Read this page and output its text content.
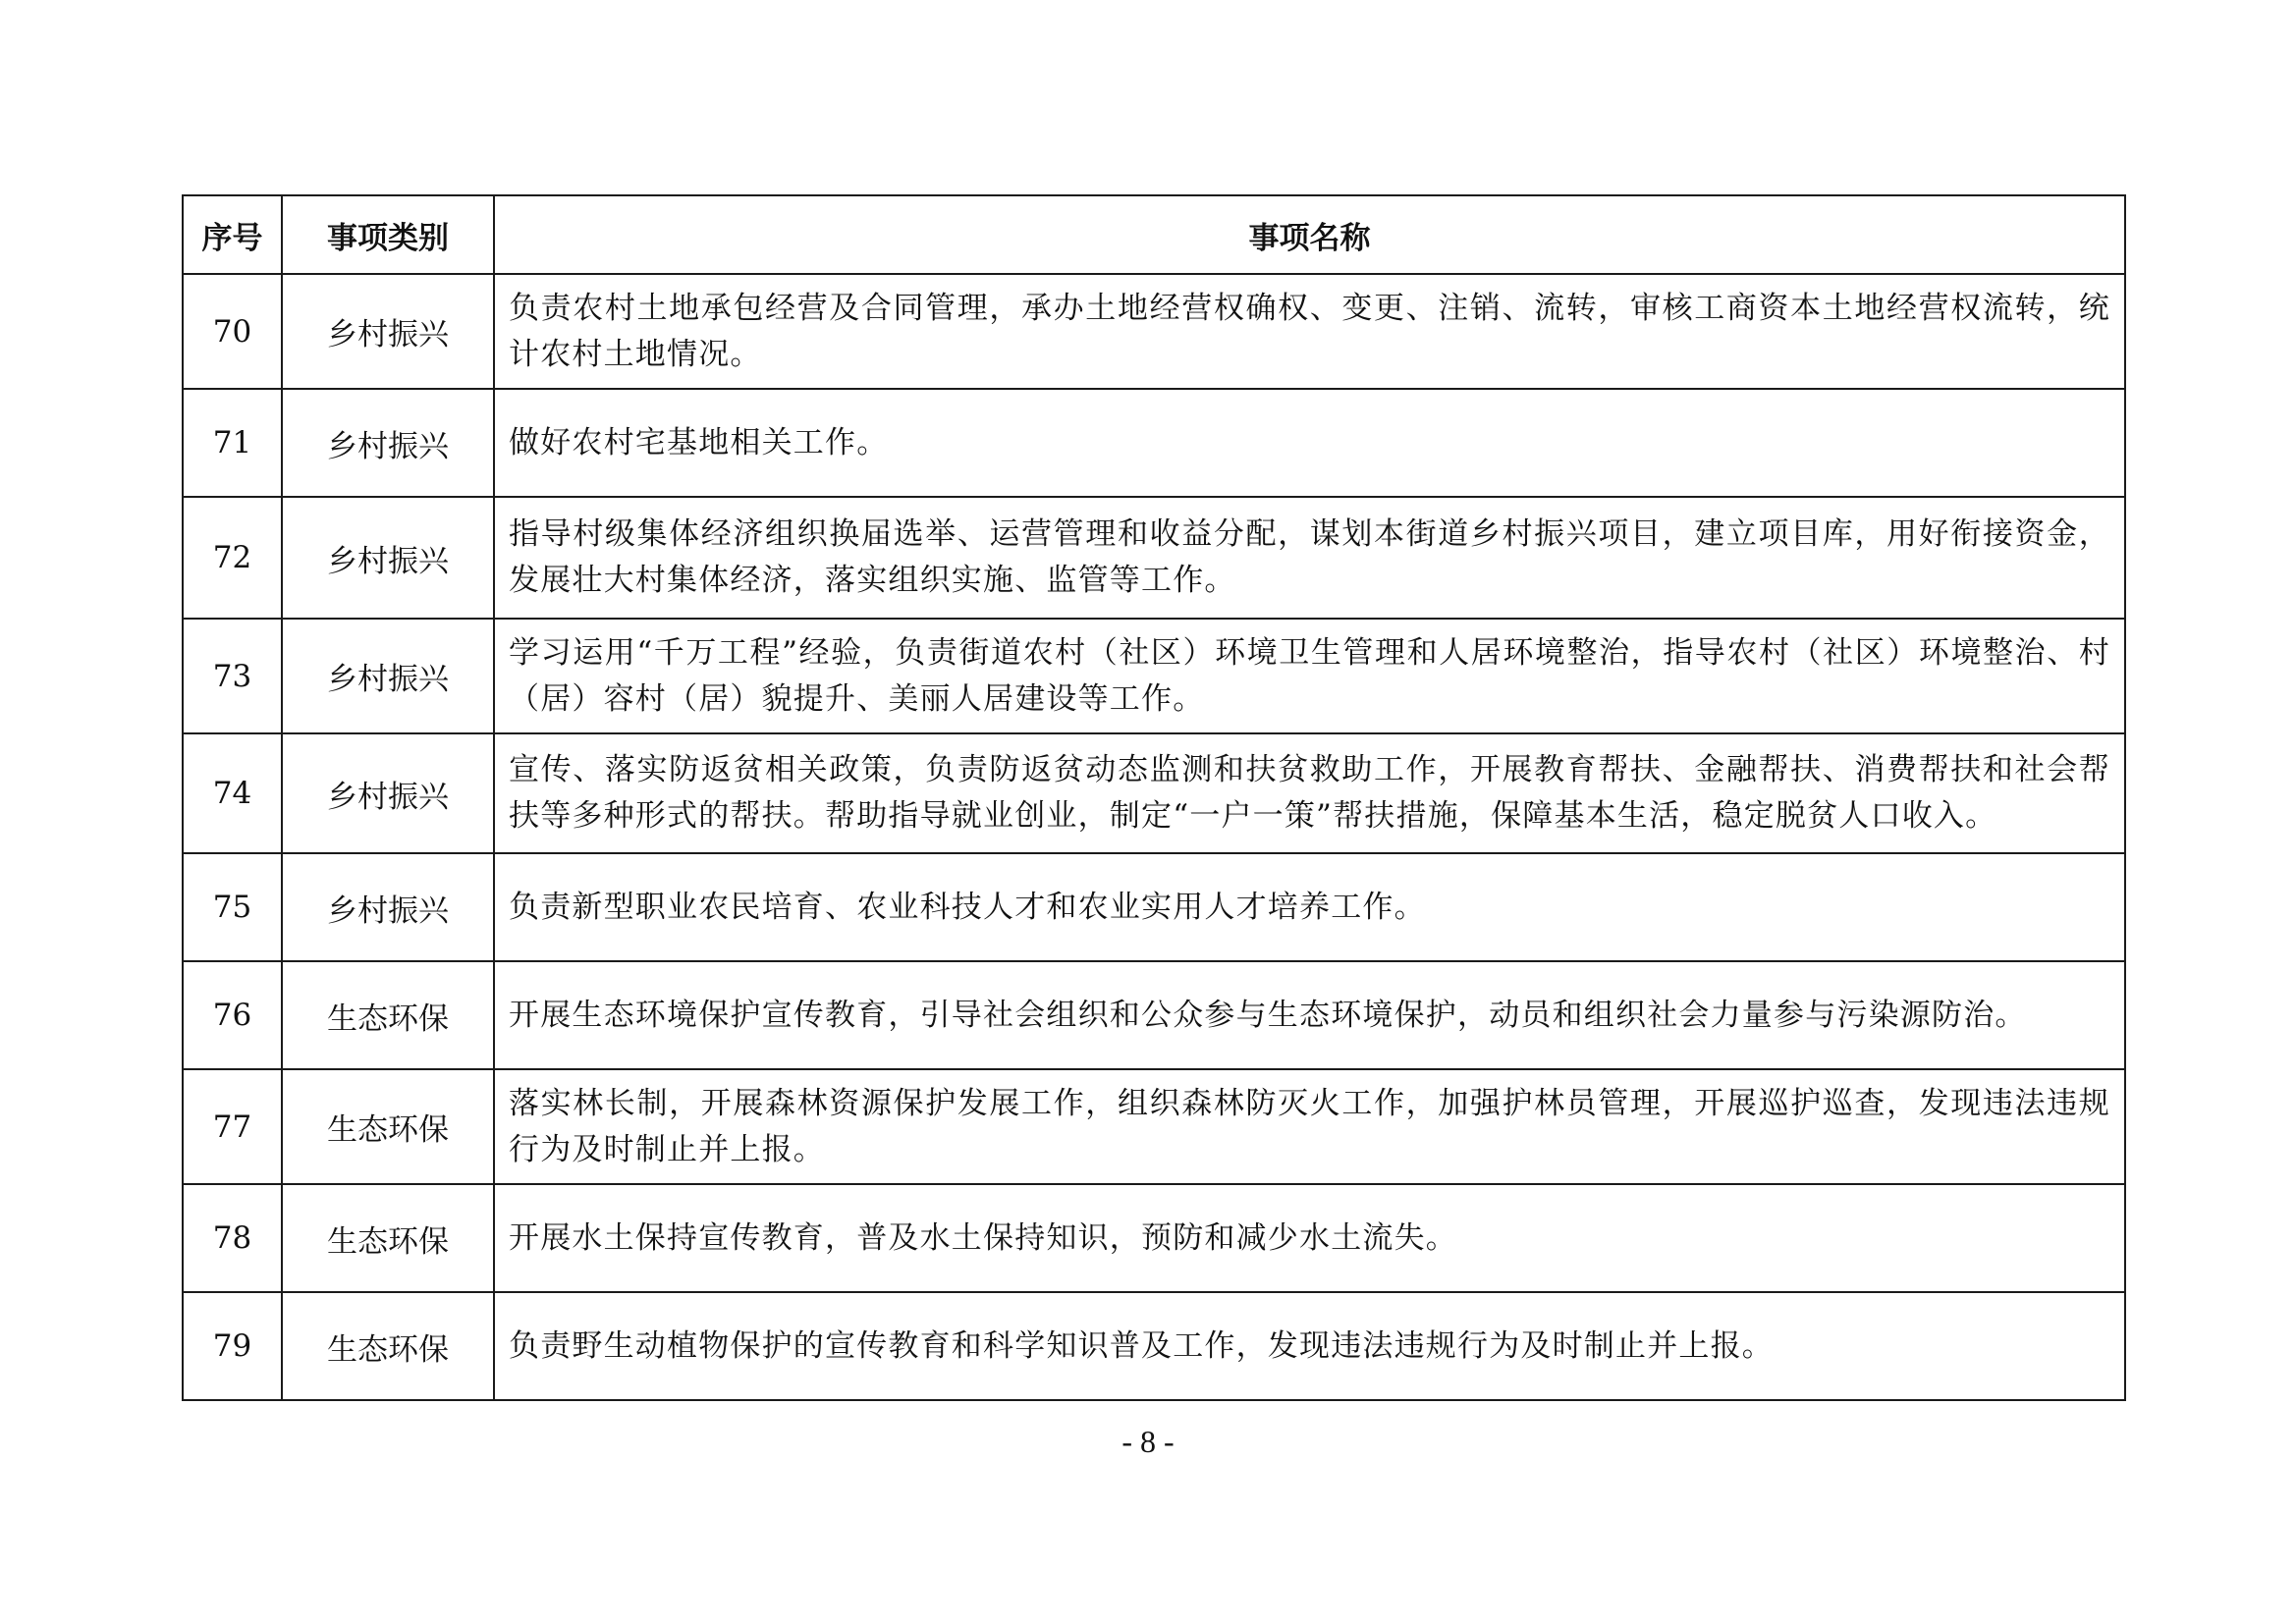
序号	事项类别	事项名称
70	乡村振兴	负责农村土地承包经营及合同管理，承办土地经营权确权、变更、注销、流转，审核工商资本土地经营权流转，统计农村土地情况。
71	乡村振兴	做好农村宅基地相关工作。
72	乡村振兴	指导村级集体经济组织换届选举、运营管理和收益分配，谋划本街道乡村振兴项目，建立项目库，用好衔接资金，发展壮大村集体经济，落实组织实施、监管等工作。
73	乡村振兴	学习运用“千万工程”经验，负责街道农村（社区）环境卫生管理和人居环境整治，指导农村（社区）环境整治、村（居）容村（居）貌提升、美丽人居建设等工作。
74	乡村振兴	宣传、落实防返贫相关政策，负责防返贫动态监测和扶贫救助工作，开展教育帮扶、金融帮扶、消费帮扶和社会帮扶等多种形式的帮扶。帮助指导就业创业，制定“一户一策”帮扶措施，保障基本生活，稳定脱贫人口收入。
75	乡村振兴	负责新型职业农民培育、农业科技人才和农业实用人才培养工作。
76	生态环保	开展生态环境保护宣传教育，引导社会组织和公众参与生态环境保护，动员和组织社会力量参与污染源防治。
77	生态环保	落实林长制，开展森林资源保护发展工作，组织森林防灭火工作，加强护林员管理，开展巡护巡查，发现违法违规行为及时制止并上报。
78	生态环保	开展水土保持宣传教育，普及水土保持知识，预防和减少水土流失。
79	生态环保	负责野生动植物保护的宣传教育和科学知识普及工作，发现违法违规行为及时制止并上报。
- 8 -
